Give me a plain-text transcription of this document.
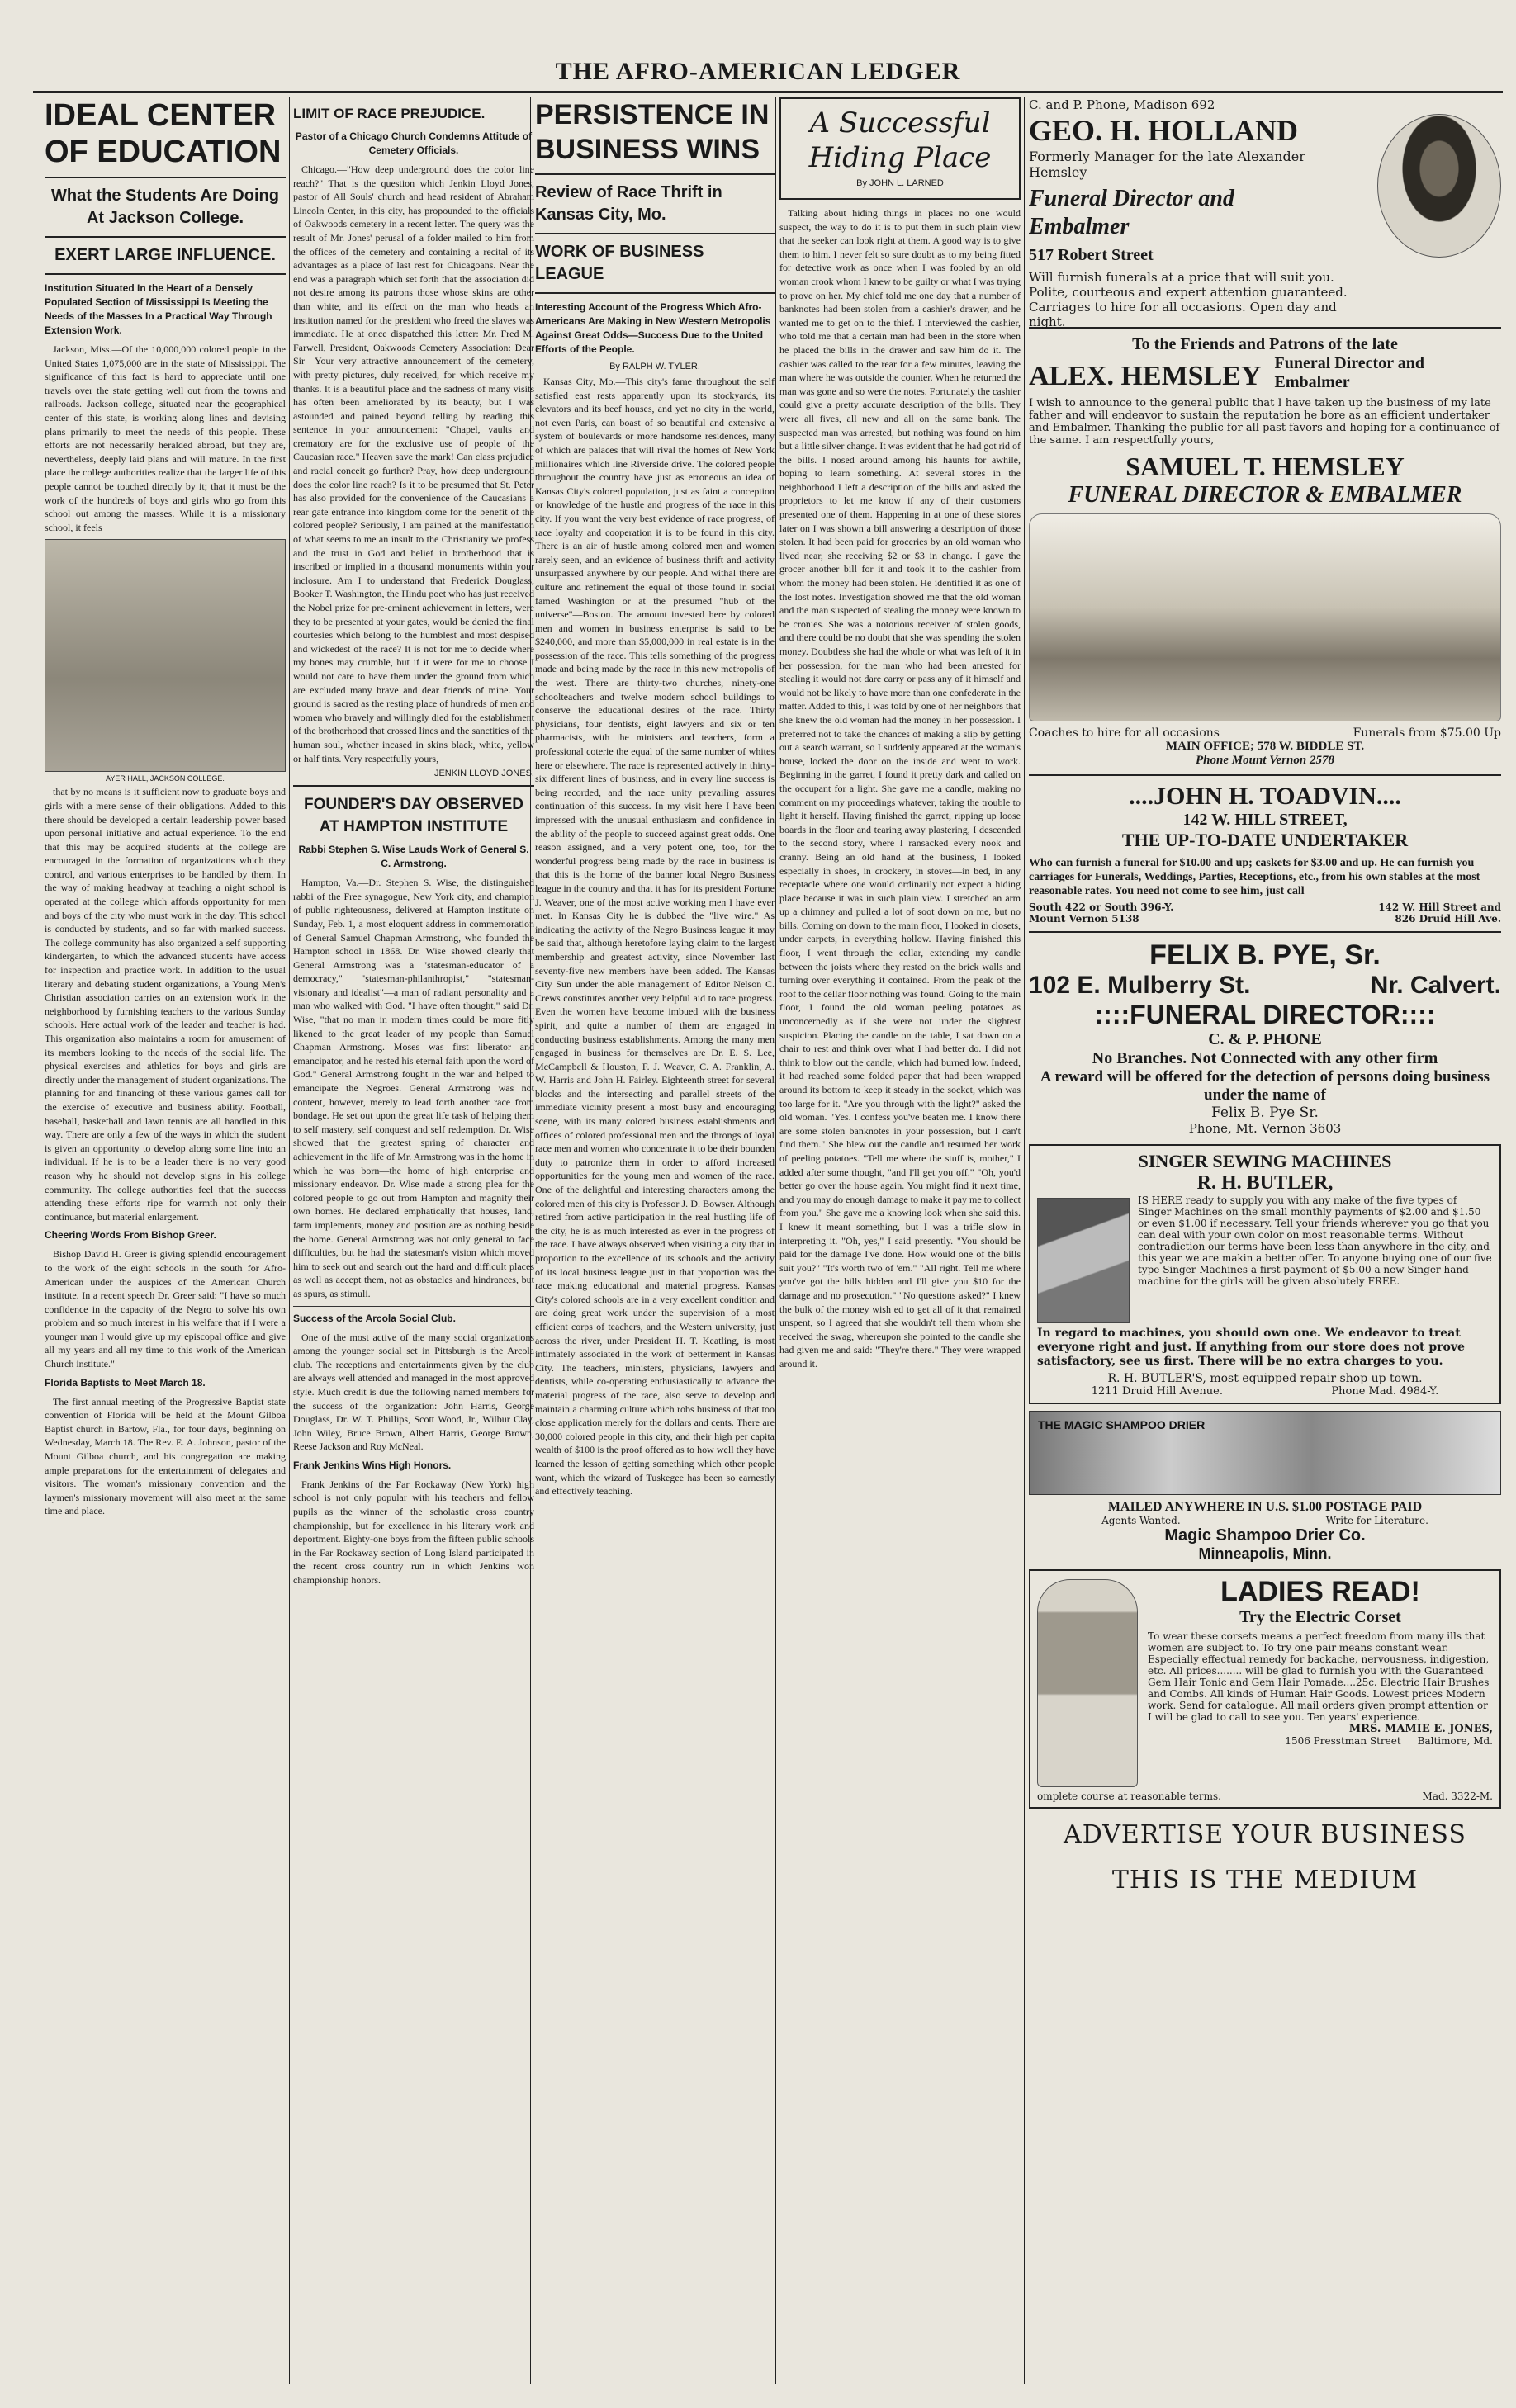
THE AFRO-AMERICAN LEDGER
IDEAL CENTER OF EDUCATION
What the Students Are Doing At Jackson College.
EXERT LARGE INFLUENCE.
Institution Situated In the Heart of a Densely Populated Section of Mississippi Is Meeting the Needs of the Masses In a Practical Way Through Extension Work.

Jackson, Miss.—Of the 10,000,000 colored people in the United States 1,075,000 are in the state of Mississippi. The significance of this fact is hard to appreciate until one travels over the state getting well out from the towns and railroads. Jackson college, situated near the geographical center of this state, is working along lines and devising plans primarily to meet the needs of this people. These efforts are not necessarily heralded abroad, but they are, nevertheless, deeply laid plans and will mature. In the first place the college authorities realize that the larger life of this people cannot be touched directly by it; that it must be the work of the hundreds of boys and girls who go from this school out among the masses. While it is a missionary school, it feels

AYER HALL, JACKSON COLLEGE.

that by no means is it sufficient now to graduate boys and girls with a mere sense of their obligations. Added to this there should be developed a certain leadership power based upon personal initiative and actual experience. To the end that this may be acquired students at the college are encouraged in the formation of organizations which they control, and various enterprises to be handled by them. In the way of making headway at teaching a night school is operated at the college which affords opportunity for men and boys of the city who must work in the day. This school is conducted by students, and so far with marked success. The college community has also organized a self supporting kindergarten, to which the advanced students have access for inspection and practice work. In addition to the usual literary and debating student organizations, a Young Men's Christian association carries on an extension work in the neighborhood by furnishing teachers to the various Sunday schools. Here actual work of the leader and teacher is had. This organization also maintains a room for amusement of its members looking to the needs of the social life. The physical exercises and athletics for boys and girls are directly under the management of student organizations. The planning for and financing of these various games call for the exercise of executive and business ability. Football, baseball, basketball and lawn tennis are all handled in this way. There are only a few of the ways in which the student is given an opportunity to develop along some line into an individual. If he is to be a leader there is no very good reason why he should not develop signs in his college community. The college authorities feel that the success attending these efforts ripe for warmth not only their continuance, but material enlargement.

Cheering Words From Bishop Greer.

Bishop David H. Greer is giving splendid encouragement to the work of the eight schools in the south for Afro-American under the auspices of the American Church institute. In a recent speech Dr. Greer said: "I have so much confidence in the capacity of the Negro to solve his own problem and so much interest in his welfare that if I were a younger man I would give up my episcopal office and give all my years and all my time to this work of the American Church institute."

Florida Baptists to Meet March 18.

The first annual meeting of the Progressive Baptist state convention of Florida will be held at the Mount Gilboa Baptist church in Bartow, Fla., for four days, beginning on Wednesday, March 18. The Rev. E. A. Johnson, pastor of the Mount Gilboa church, and his congregation are making ample preparations for the entertainment of delegates and visitors. The woman's missionary convention and the laymen's missionary movement will also meet at the same time and place.

LIMIT OF RACE PREJUDICE.
Pastor of a Chicago Church Condemns Attitude of Cemetery Officials.

Chicago.—"How deep underground does the color line reach?" That is the question which Jenkin Lloyd Jones, pastor of All Souls' church and head resident of Abraham Lincoln Center, in this city, has propounded to the officials of Oakwoods cemetery in a recent letter. The query was the result of Mr. Jones' perusal of a folder mailed to him from the offices of the cemetery and containing a recital of its advantages as a place of last rest for Chicagoans. Near the end was a paragraph which set forth that the association did not desire among its patrons those whose skins are other than white, and its effect on the man who heads an institution named for the president who freed the slaves was immediate. He at once dispatched this letter: Mr. Fred M. Farwell, President, Oakwoods Cemetery Association: Dear Sir—Your very attractive announcement of the cemetery, with pretty pictures, duly received, for which receive my thanks. It is a beautiful place and the sadness of many visits has often been ameliorated by its beauty, but I was astounded and pained beyond telling by reading this sentence in your announcement: "Chapel, vaults and crematory are for the exclusive use of people of the Caucasian race." Heaven save the mark! Can class prejudice and racial conceit go further? Pray, how deep underground does the color line reach? Is it to be presumed that St. Peter has also provided for the convenience of the Caucasians a rear gate entrance into kingdom come for the benefit of the colored people? Seriously, I am pained at the manifestation of what seems to me an insult to the Christianity we profess and the trust in God and belief in brotherhood that is inscribed or implied in a thousand monuments within your inclosure. Am I to understand that Frederick Douglass, Booker T. Washington, the Hindu poet who has just received the Nobel prize for pre-eminent achievement in letters, were they to be presented at your gates, would be denied the final courtesies which belong to the humblest and most despised and wickedest of the race? It is not for me to decide where my bones may crumble, but if it were for me to choose I would not care to have them under the ground from which are excluded many brave and dear friends of mine. Your ground is sacred as the resting place of hundreds of men and women who bravely and willingly died for the establishment of the brotherhood that crossed lines and the sanctities of the human soul, whether incased in skins black, white, yellow or half tints. Very respectfully yours,

JENKIN LLOYD JONES.
FOUNDER'S DAY OBSERVED AT HAMPTON INSTITUTE
Rabbi Stephen S. Wise Lauds Work of General S. C. Armstrong.

Hampton, Va.—Dr. Stephen S. Wise, the distinguished rabbi of the Free synagogue, New York city, and champion of public righteousness, delivered at Hampton institute on Sunday, Feb. 1, a most eloquent address in commemoration of General Samuel Chapman Armstrong, who founded the Hampton school in 1868. Dr. Wise showed clearly that General Armstrong was a "statesman-educator of a democracy," "statesman-philanthropist," "statesman-visionary and idealist"—a man of radiant personality and a man who walked with God. "I have often thought," said Dr. Wise, "that no man in modern times could be more fitly likened to the great leader of my people than Samuel Chapman Armstrong. Moses was first liberator and emancipator, and he rested his eternal faith upon the word of God." General Armstrong fought in the war and helped to emancipate the Negroes. General Armstrong was not content, however, merely to lead forth another race from bondage. He set out upon the great life task of helping them to self mastery, self conquest and self redemption. Dr. Wise showed that the greatest spring of character and achievement in the life of Mr. Armstrong was in the home in which he was born—the home of high enterprise and missionary endeavor. Dr. Wise made a strong plea for the colored people to go out from Hampton and magnify their own homes. He declared emphatically that houses, land, farm implements, money and position are as nothing beside the home. General Armstrong was not only general to face difficulties, but he had the statesman's vision which moved him to seek out and search out the hard and difficult places as well as accept them, not as obstacles and hindrances, but as spurs, as stimuli.

Success of the Arcola Social Club.

One of the most active of the many social organizations among the younger social set in Pittsburgh is the Arcola club. The receptions and entertainments given by the club are always well attended and managed in the most approved style. Much credit is due the following named members for the success of the organization: John Harris, George Douglass, Dr. W. T. Phillips, Scott Wood, Jr., Wilbur Clay, John Wiley, Bruce Brown, Albert Harris, George Brown, Reese Jackson and Roy McNeal.

Frank Jenkins Wins High Honors.

Frank Jenkins of the Far Rockaway (New York) high school is not only popular with his teachers and fellow pupils as the winner of the scholastic cross country championship, but for excellence in his literary work and deportment. Eighty-one boys from the fifteen public schools in the Far Rockaway section of Long Island participated in the recent cross country run in which Jenkins won championship honors.

PERSISTENCE IN BUSINESS WINS
Review of Race Thrift in Kansas City, Mo.
WORK OF BUSINESS LEAGUE
Interesting Account of the Progress Which Afro-Americans Are Making in New Western Metropolis Against Great Odds—Success Due to the United Efforts of the People.
By RALPH W. TYLER.

Kansas City, Mo.—This city's fame throughout the self satisfied east rests apparently upon its stockyards, its elevators and its beef houses, and yet no city in the world, not even Paris, can boast of so beautiful and extensive a system of boulevards or more handsome residences, many of which are palaces that will rival the homes of New York millionaires which line Riverside drive. The colored people throughout the country have just as erroneous an idea of Kansas City's colored population, just as faint a conception or knowledge of the hustle and progress of the race in this city. If you want the very best evidence of race progress, of race loyalty and cooperation it is to be found in this city. There is an air of hustle among colored men and women rarely seen, and an evidence of business thrift and activity unsurpassed anywhere by our people. And withal there are culture and refinement the equal of those found in social famed Washington or at the presumed "hub of the universe"—Boston. The amount invested here by colored men and women in business enterprise is said to be $240,000, and more than $5,000,000 in real estate is in the possession of the race. This tells something of the progress made and being made by the race in this new metropolis of the west. There are thirty-two churches, ninety-one schoolteachers and twelve modern school buildings to conserve the educational desires of the race. Thirty physicians, four dentists, eight lawyers and six or ten pharmacists, with the ministers and teachers, form a professional coterie the equal of the same number of whites here or elsewhere. The race is represented actively in thirty-six different lines of business, and in every line success is being recorded, and the race unity prevailing assures continuation of this success. In my visit here I have been impressed with the unusual enthusiasm and confidence in the ability of the people to succeed against great odds. One reason assigned, and a very potent one, too, for the wonderful progress being made by the race in business is that this is the home of the banner local Negro Business league in the country and that it has for its president Fortune J. Weaver, one of the most active working men I have ever met. In Kansas City he is dubbed the "live wire." As indicating the activity of the Negro Business league it may be said that, although heretofore laying claim to the largest membership and greatest activity, since November last seventy-five new members have been added. The Kansas City Sun under the able management of Editor Nelson C. Crews constitutes another very helpful aid to race progress. Even the women have become imbued with the business spirit, and quite a number of them are engaged in conducting business establishments. Among the many men engaged in business for themselves are Dr. E. S. Lee, McCampbell & Houston, F. J. Weaver, C. A. Franklin, A. W. Harris and John H. Fairley. Eighteenth street for several blocks and the intersecting and parallel streets of the immediate vicinity present a most busy and encouraging scene, with its many colored business establishments and offices of colored professional men and the throngs of loyal race men and women who concentrate it to be their bounden duty to patronize them in order to afford increased opportunities for the young men and women of the race. One of the delightful and interesting characters among the colored men of this city is Professor J. D. Bowser. Although retired from active participation in the real hustling life of the city, he is as much interested as ever in the progress of the race. I have always observed when visiting a city that in proportion to the excellence of its schools and the activity of its local business league just in that proportion was the race making educational and material progress. Kansas City's colored schools are in a very excellent condition and are doing great work under the supervision of a most efficient corps of teachers, and the Western university, just across the river, under President H. T. Keatling, is most intimately associated in the work of betterment in Kansas City. The teachers, ministers, physicians, lawyers and dentists, while co-operating enthusiastically to advance the material progress of the race, also serve to develop and maintain a charming culture which robs business of that too close application merely for the dollars and cents. There are 30,000 colored people in this city, and their high per capita wealth of $100 is the proof offered as to how well they have learned the lesson of getting something which other people want, which the wizard of Tuskegee has been so earnestly and effectively teaching.

A Successful Hiding Place
By JOHN L. LARNED

Talking about hiding things in places no one would suspect, the way to do it is to put them in such plain view that the seeker can look right at them. A good way is to give them to him. I never felt so sure doubt as to my being fitted for detective work as once when I was fooled by an old woman crook whom I knew to be guilty or what I was trying to prove on her. My chief told me one day that a number of banknotes had been stolen from a cashier's drawer, and he wanted me to get on to the thief. I interviewed the cashier, who told me that a certain man had been in the store when he placed the bills in the drawer and saw him do it. The cashier was called to the rear for a few minutes, leaving the man where he was outside the counter. When he returned the man was gone and so were the notes. Fortunately the cashier could give a pretty accurate description of the bills. They were all fives, all new and all on the same bank. The suspected man was arrested, but nothing was found on him but a little silver change. It was evident that he had got rid of the bills. I nosed around among his haunts for awhile, hoping to learn something. At several stores in the neighborhood I left a description of the bills and asked the proprietors to let me know if any of their customers presented one of them. Happening in at one of these stores later on I was shown a bill answering a description of those stolen. It had been paid for groceries by an old woman who lived near, she receiving $2 or $3 in change. I gave the grocer another bill for it and took it to the cashier from whom the money had been stolen. He identified it as one of the lost notes. Investigation showed me that the old woman and the man suspected of stealing the money were known to be cronies. She was a notorious receiver of stolen goods, and there could be no doubt that she was spending the stolen money. Doubtless she had the whole or what was left of it in her possession, for the man who had been arrested for stealing it would not dare carry or pass any of it himself and would not be likely to have more than one confederate in the matter. Added to this, I was told by one of her neighbors that she knew the old woman had the money in her possession. I preferred not to take the chances of making a slip by getting out a search warrant, so I suddenly appeared at the woman's house, locked the door on the inside and went to work. Beginning in the garret, I found it pretty dark and called on the occupant for a light. She gave me a candle, making no comment on my proceedings whatever, taking the trouble to light it herself. Having finished the garret, ripping up loose boards in the floor and tearing away plastering, I descended to the second story, where I ransacked every nook and cranny. Being an old hand at the business, I looked especially in shoes, in crockery, in stoves—in bed, in any receptacle where one would ordinarily not expect a hiding place because it was in such plain view. I stretched an arm up a chimney and pulled a lot of soot down on me, but no bills. Coming on down to the main floor, I looked in closets, under carpets, in everything hollow. Having finished this floor, I went through the cellar, extending my candle between the joists where they rested on the brick walls and turning over everything it contained. From the peak of the roof to the cellar floor nothing was found. Going to the main floor, I found the old woman peeling potatoes as unconcernedly as if she were not under the slightest suspicion. Placing the candle on the table, I sat down on a chair to rest and think over what I had better do. I did not think to blow out the candle, which had burned low. Indeed, it had reached some folded paper that had been wrapped around its bottom to keep it steady in the socket, which was too large for it. "Are you through with the light?" asked the old woman. "Yes. I confess you've beaten me. I know there are some stolen banknotes in your possession, but I can't find them." She blew out the candle and resumed her work of peeling potatoes. "Tell me where the stuff is, mother," I added after some thought, "and I'll get you off." "Oh, you'd better go over the house again. You might find it next time, and you may do enough damage to make it pay me to collect from you." She gave me a knowing look when she said this. I knew it meant something, but I was a trifle slow in interpreting it. "Oh, yes," I said presently. "You should be paid for the damage I've done. How would one of the bills suit you?" "It's worth two of 'em." "All right. Tell me where you've got the bills hidden and I'll give you $10 for the damage and no prosecution." "No questions asked?" I knew the bulk of the money wish ed to get all of it that remained unspent, so I agreed that she wouldn't tell them whom she received the swag, whereupon she pointed to the candle she had given me and said: "They're there." They were wrapped around it.

C. and P. Phone, Madison 692
GEO. H. HOLLAND
Formerly Manager for the late Alexander Hemsley
Funeral Director and
Embalmer
517 Robert Street
Will furnish funerals at a price that will suit you. Polite, courteous and expert attention guaranteed. Carriages to hire for all occasions. Open day and night.
To the Friends and Patrons of the late
ALEX. HEMSLEY Funeral Director and Embalmer
I wish to announce to the general public that I have taken up the business of my late father and will endeavor to sustain the reputation he bore as an efficient undertaker and Embalmer. Thanking the public for all past favors and hoping for a continuance of the same. I am respectfully yours,
SAMUEL T. HEMSLEY
FUNERAL DIRECTOR & EMBALMER
Coaches to hire for all occasions	Funerals from $75.00 Up
MAIN OFFICE; 578 W. BIDDLE ST.
Phone Mount Vernon 2578
....JOHN H. TOADVIN....
142 W. HILL STREET,
THE UP-TO-DATE UNDERTAKER
Who can furnish a funeral for $10.00 and up; caskets for $3.00 and up. He can furnish you carriages for Funerals, Weddings, Parties, Receptions, etc., from his own stables at the most reasonable rates. You need not come to see him, just call
South 422 or South 396-Y.
Mount Vernon 5138
142 W. Hill Street and
826 Druid Hill Ave.
FELIX B. PYE, Sr.
102 E. Mulberry St.	Nr. Calvert.
::::FUNERAL DIRECTOR::::
C. & P. PHONE
No Branches. Not Connected with any other firm
A reward will be offered for the detection of persons doing business under the name of
Felix B. Pye Sr.
Phone, Mt. Vernon 3603
SINGER SEWING MACHINES
R. H. BUTLER,
IS HERE ready to supply you with any make of the five types of Singer Machines on the small monthly payments of $2.00 and $1.50 or even $1.00 if necessary. Tell your friends wherever you go that you can deal with your own color on most reasonable terms. Without contradiction our terms have been less than anywhere in the city, and this year we are makin a better offer. To anyone buying one of our five type Singer Machines a first payment of $5.00 a new Singer hand machine for the girls will be given absolutely FREE.
In regard to machines, you should own one. We endeavor to treat everyone right and just. If anything from our store does not prove satisfactory, see us first. There will be no extra charges to you.
R. H. BUTLER'S, most equipped repair shop up town.
1211 Druid Hill Avenue.	Phone Mad. 4984-Y.
THE MAGIC SHAMPOO DRIER
MAILED ANYWHERE IN U.S. $1.00 POSTAGE PAID
Agents Wanted.	Write for Literature.
Magic Shampoo Drier Co.
Minneapolis, Minn.
LADIES READ!
Try the Electric Corset
To wear these corsets means a perfect freedom from many ills that women are subject to. To try one pair means constant wear. Especially effectual remedy for backache, nervousness, indigestion, etc. All prices........ will be glad to furnish you with the Guaranteed Gem Hair Tonic and Gem Hair Pomade....25c. Electric Hair Brushes and Combs. All kinds of Human Hair Goods. Lowest prices Modern work. Send for catalogue. All mail orders given prompt attention or I will be glad to call to see you. Ten years' experience.
MRS. MAMIE E. JONES,
1506 Presstman Street Baltimore, Md.
omplete course at reasonable terms.	Mad. 3322-M.
ADVERTISE YOUR BUSINESS
THIS IS THE MEDIUM
